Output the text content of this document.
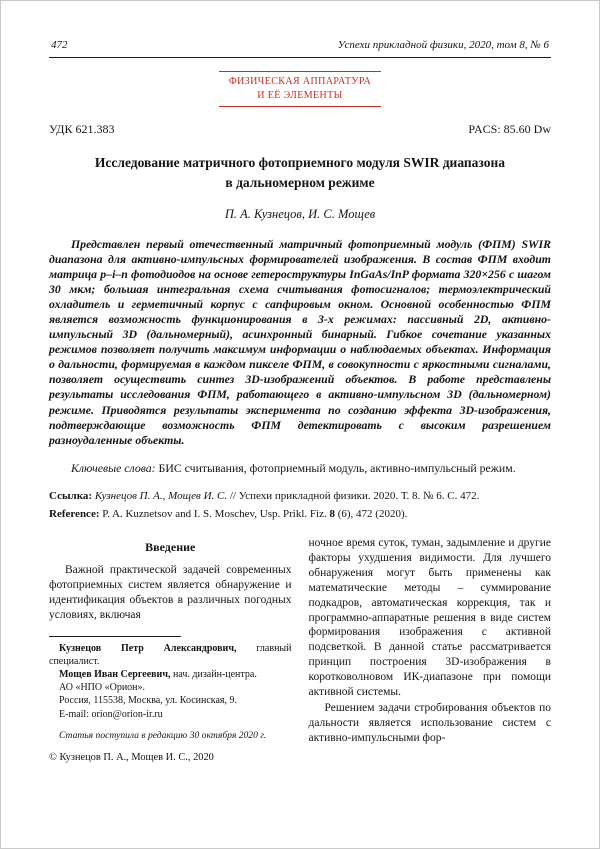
472	Успехи прикладной физики, 2020, том 8, № 6
ФИЗИЧЕСКАЯ АППАРАТУРА
И ЕЁ ЭЛЕМЕНТЫ
УДК 621.383	PACS: 85.60 Dw
Исследование матричного фотоприемного модуля SWIR диапазона
в дальномерном режиме
П. А. Кузнецов, И. С. Мощев

Представлен первый отечественный матричный фотоприемный модуль (ФПМ) SWIR диапазона для активно-импульсных формирователей изображения. В состав ФПМ входит матрица p–i–n фотодиодов на основе гетероструктуры InGaAs/InP формата 320×256 с шагом 30 мкм; большая интегральная схема считывания фотосигналов; термоэлектрический охладитель и герметичный корпус с сапфировым окном. Основной особенностью ФПМ является возможность функционирования в 3-х режимах: пассивный 2D, активно-импульсный 3D (дальномерный), асинхронный бинарный. Гибкое сочетание указанных режимов позволяет получить максимум информации о наблюдаемых объектах. Информация о дальности, формируемая в каждом пикселе ФПМ, в совокупности с яркостными сигналами, позволяет осуществить синтез 3D-изображений объектов. В работе представлены результаты исследования ФПМ, работающего в активно-импульсном 3D (дальномерном) режиме. Приводятся результаты эксперимента по созданию эффекта 3D-изображения, подтверждающие возможность ФПМ детектировать с высоким разрешением разноудаленные объекты.

Ключевые слова: БИС считывания, фотоприемный модуль, активно-импульсный режим.

Ссылка: Кузнецов П. А., Мощев И. С. // Успехи прикладной физики. 2020. Т. 8. № 6. С. 472.

Reference: P. A. Kuznetsov and I. S. Moschev, Usp. Prikl. Fiz. 8 (6), 472 (2020).

Введение

Важной практической задачей современных фотоприемных систем является обнаружение и идентификация объектов в различных погодных условиях, включая

Кузнецов Петр Александрович, главный специалист.

Мощев Иван Сергеевич, нач. дизайн-центра.

АО «НПО «Орион».

Россия, 115538, Москва, ул. Косинская, 9.

E-mail: orion@orion-ir.ru

Статья поступила в редакцию 30 октября 2020 г.

© Кузнецов П. А., Мощев И. С., 2020

ночное время суток, туман, задымление и другие факторы ухудшения видимости. Для лучшего обнаружения могут быть применены как математические методы – суммирование подкадров, автоматическая коррекция, так и программно-аппаратные решения в виде систем формирования изображения с активной подсветкой. В данной статье рассматривается принцип построения 3D-изображения в коротковолновом ИК-диапазоне при помощи активной системы.

Решением задачи стробирования объектов по дальности является использование систем с активно-импульсными фор-
